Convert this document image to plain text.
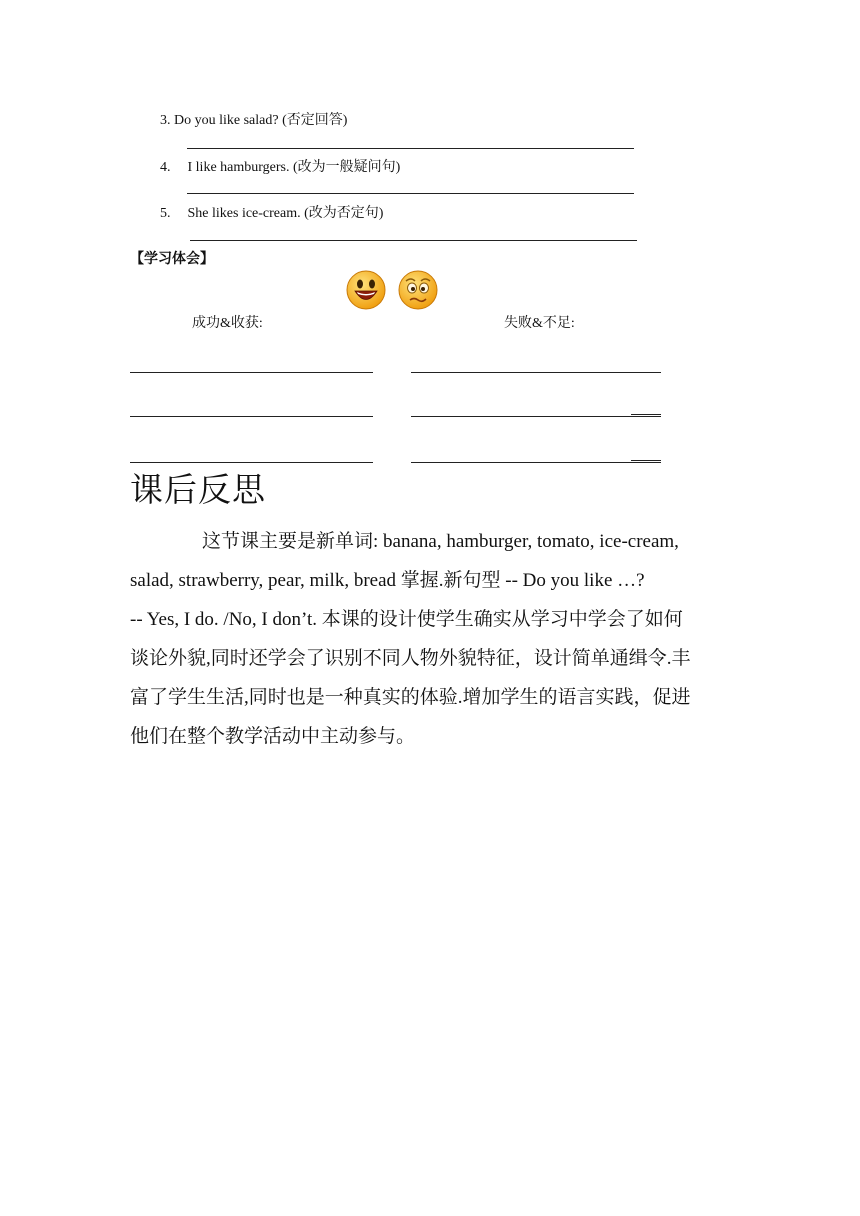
3. Do you like salad? (否定回答)
4. I like hamburgers. (改为一般疑问句)
5. She likes ice-cream. (改为否定句)
【学习体会】
成功&收获:	失败&不足:
课后反思
这节课主要是新单词: banana, hamburger, tomato, ice-cream,
salad, strawberry, pear, milk, bread 掌握.新句型 -- Do you like …?
-- Yes, I do. /No, I don’t. 本课的设计使学生确实从学习中学会了如何
谈论外貌,同时还学会了识别不同人物外貌特征，设计简单通缉令.丰
富了学生生活,同时也是一种真实的体验.增加学生的语言实践，促进
他们在整个教学活动中主动参与。
